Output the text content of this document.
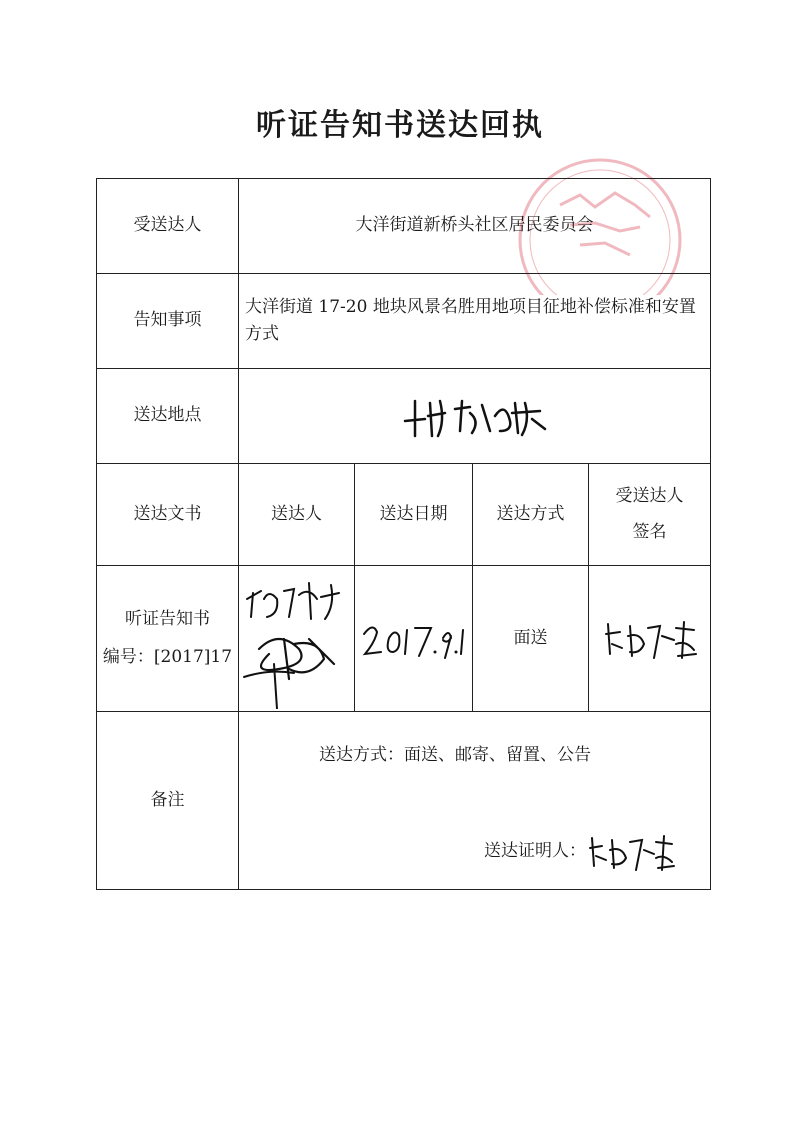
听证告知书送达回执
受送达人	大洋街道新桥头社区居民委员会			
告知事项	大洋街道 17-20 地块风景名胜用地项目征地补偿标准和安置方式			
送达地点	

送达文书	送达人	送达日期	送达方式	受送达人
签名

听证告知书
编号：[2017]17			面送	

备注	送达方式：面送、邮寄、留置、公告
送达证明人：			
